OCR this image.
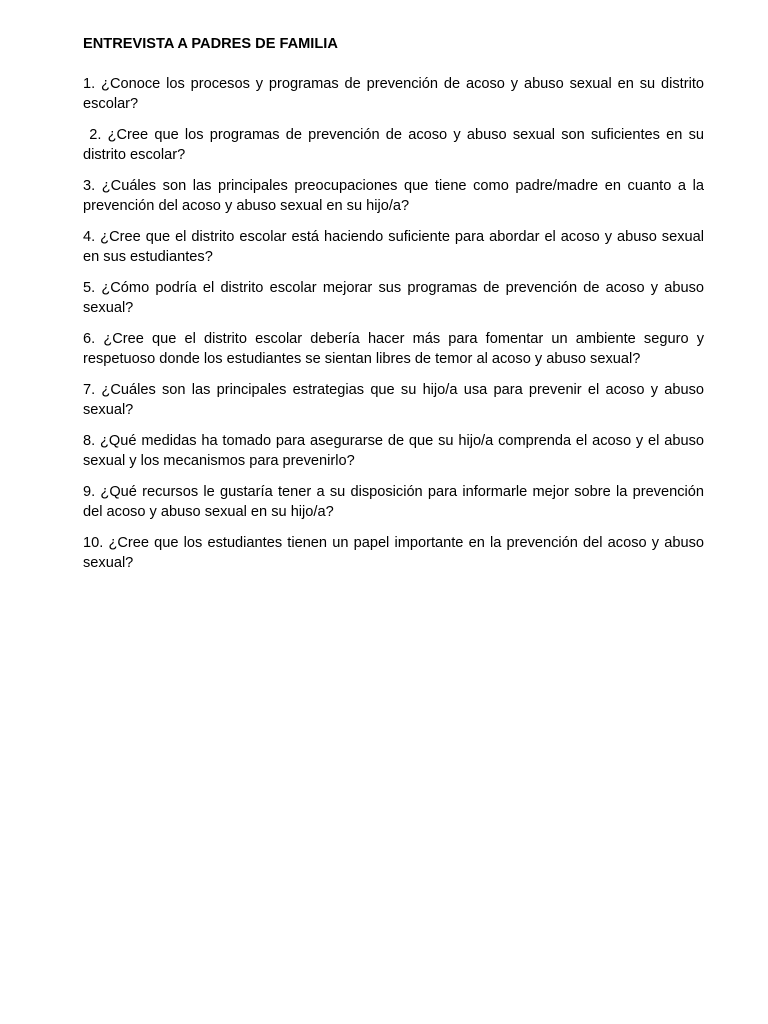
ENTREVISTA A PADRES DE FAMILIA
1. ¿Conoce los procesos y programas de prevención de acoso y abuso sexual en su distrito escolar?
2. ¿Cree que los programas de prevención de acoso y abuso sexual son suficientes en su distrito escolar?
3. ¿Cuáles son las principales preocupaciones que tiene como padre/madre en cuanto a la prevención del acoso y abuso sexual en su hijo/a?
4. ¿Cree que el distrito escolar está haciendo suficiente para abordar el acoso y abuso sexual en sus estudiantes?
5. ¿Cómo podría el distrito escolar mejorar sus programas de prevención de acoso y abuso sexual?
6. ¿Cree que el distrito escolar debería hacer más para fomentar un ambiente seguro y respetuoso donde los estudiantes se sientan libres de temor al acoso y abuso sexual?
7. ¿Cuáles son las principales estrategias que su hijo/a usa para prevenir el acoso y abuso sexual?
8. ¿Qué medidas ha tomado para asegurarse de que su hijo/a comprenda el acoso y el abuso sexual y los mecanismos para prevenirlo?
9. ¿Qué recursos le gustaría tener a su disposición para informarle mejor sobre la prevención del acoso y abuso sexual en su hijo/a?
10. ¿Cree que los estudiantes tienen un papel importante en la prevención del acoso y abuso sexual?
